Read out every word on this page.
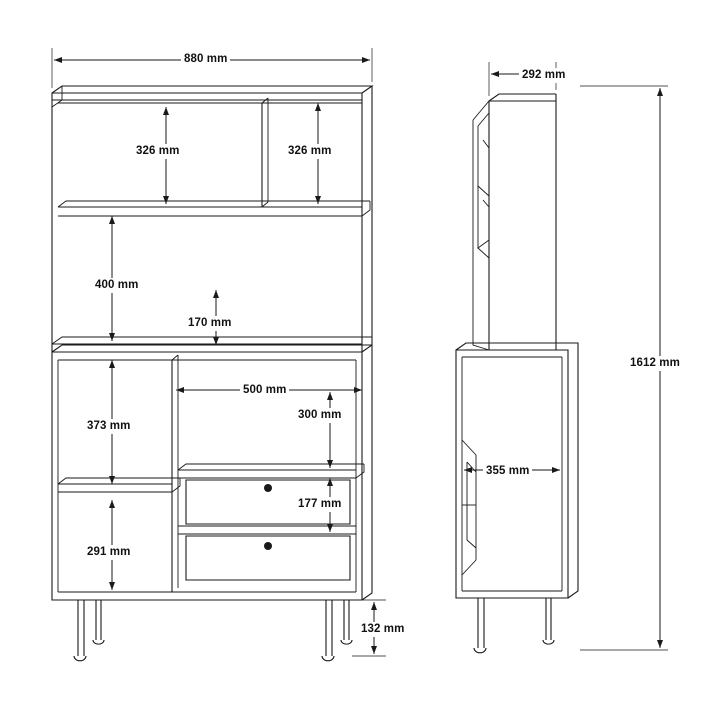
880 mm
326 mm	326 mm
400 mm
170 mm
373 mm
291 mm
500 mm
300 mm
177 mm
132 mm
292 mm
355 mm
1612 mm
